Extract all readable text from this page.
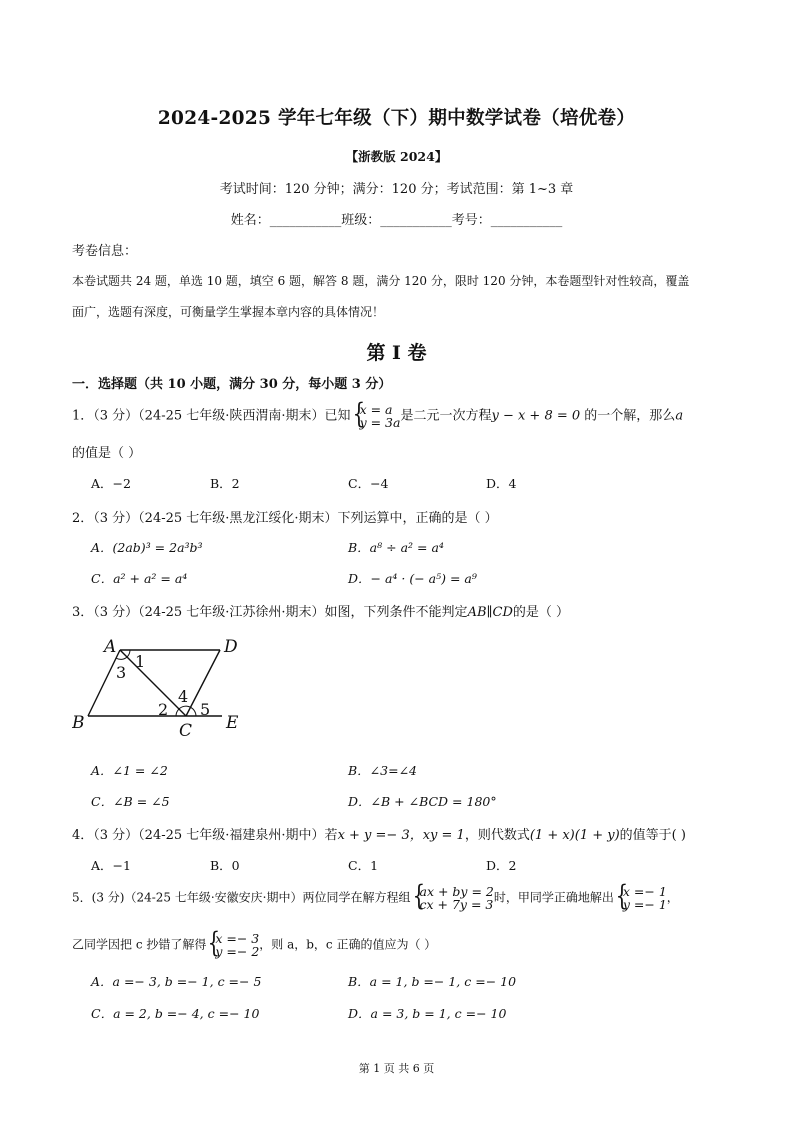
2024-2025 学年七年级（下）期中数学试卷（培优卷）
【浙教版 2024】
考试时间：120 分钟；满分：120 分；考试范围：第 1~3 章
姓名：___________班级：___________考号：___________
考卷信息：
本卷试题共 24 题，单选 10 题，填空 6 题，解答 8 题，满分 120 分，限时 120 分钟，本卷题型针对性较高，覆盖
面广，选题有深度，可衡量学生掌握本章内容的具体情况！
第 I 卷
一．选择题（共 10 小题，满分 30 分，每小题 3 分）
1．（3 分）（24-25 七年级·陕西渭南·期末）已知 {
x = a
y = 3a是二元一次方程y − x + 8 = 0 的一个解，那么a
的值是（ ）
A．−2	B．2	C．−4	D．4
2．（3 分）（24-25 七年级·黑龙江绥化·期末）下列运算中，正确的是（ ）
A．(2ab)³ = 2a³b³	B．a⁸ ÷ a² = a⁴
C．a² + a² = a⁴	D．− a⁴ · (− a⁵) = a⁹
3．（3 分）（24-25 七年级·江苏徐州·期末）如图，下列条件不能判定AB∥CD的是（ ）
A	D
B	C E
1
3
2
4
5
A．∠1 = ∠2	B．∠3=∠4
C．∠B = ∠5	D．∠B + ∠BCD = 180°
4．（3 分）（24-25 七年级·福建泉州·期中）若x + y =− 3，xy = 1，则代数式(1 + x)(1 + y)的值等于( )
A．−1	B．0	C．1	D．2
5．(3 分)（24-25 七年级·安徽安庆·期中）两位同学在解方程组 {
ax + by = 2
cx + 7y = 3时，甲同学正确地解出 {
x =− 1
y =− 1，
乙同学因把 c 抄错了解得 {
x =− 3
y =− 2，则 a，b，c 正确的值应为（ ）
A．a =− 3, b =− 1, c =− 5	B．a = 1, b =− 1, c =− 10
C．a = 2, b =− 4, c =− 10	D．a = 3, b = 1, c =− 10
第 1 页 共 6 页
